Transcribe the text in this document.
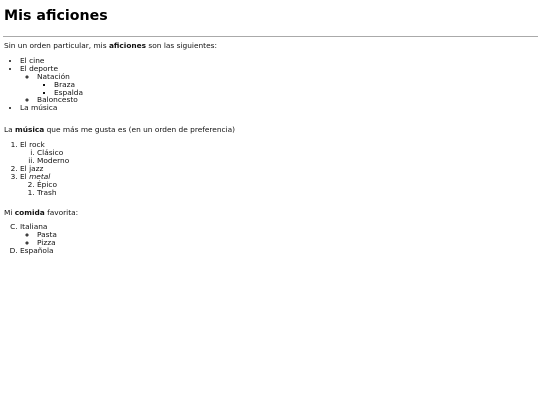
Mis aficiones

Sin un orden particular, mis aficiones son las siguientes:

• El cine
• El deporte
◦ Natación
▪ Braza
▪ Espalda
◦ Baloncesto
• La música

La música que más me gusta es (en un orden de preferencia)

1. El rock
i. Clásico
ii. Moderno
2. El jazz
3. El metal
2. Épico
1. Trash

Mi comida favorita:

C. Italiana
◦ Pasta
◦ Pizza
D. Española
